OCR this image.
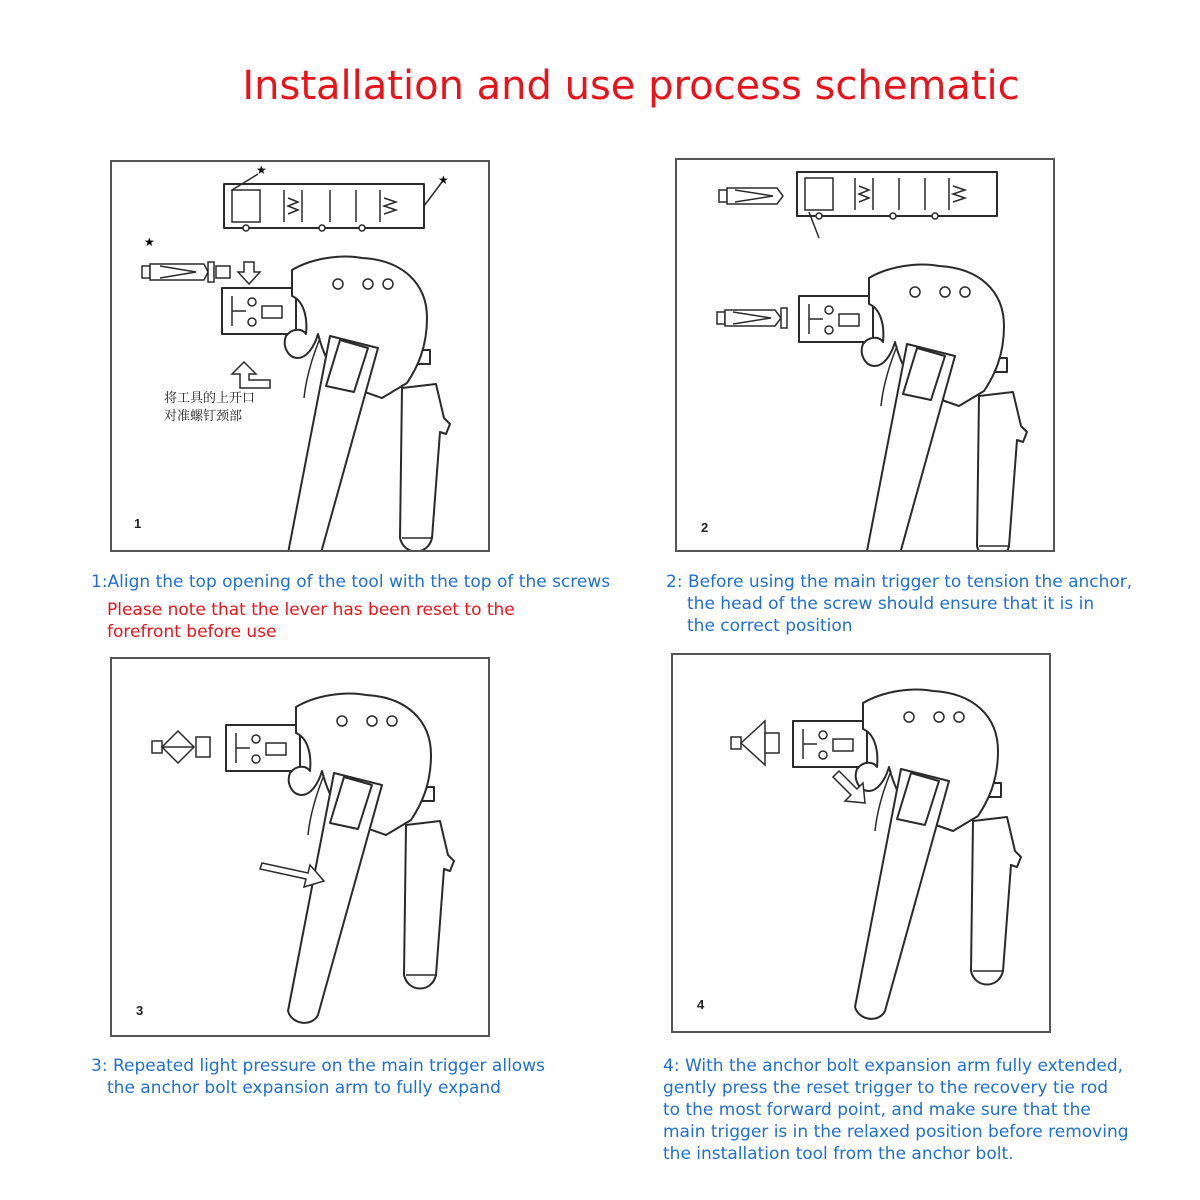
Installation and use process schematic
★
★
★
将工具的上开口
对准螺钉颈部
1	2
3	4
1:Align the top opening of the tool with the top of the screws
Please note that the lever has been reset to the
forefront before use
2: Before using the main trigger to tension the anchor,
the head of the screw should ensure that it is in
the correct position
3: Repeated light pressure on the main trigger allows
the anchor bolt expansion arm to fully expand
4: With the anchor bolt expansion arm fully extended,
gently press the reset trigger to the recovery tie rod
to the most forward point, and make sure that the
main trigger is in the relaxed position before removing
the installation tool from the anchor bolt.
